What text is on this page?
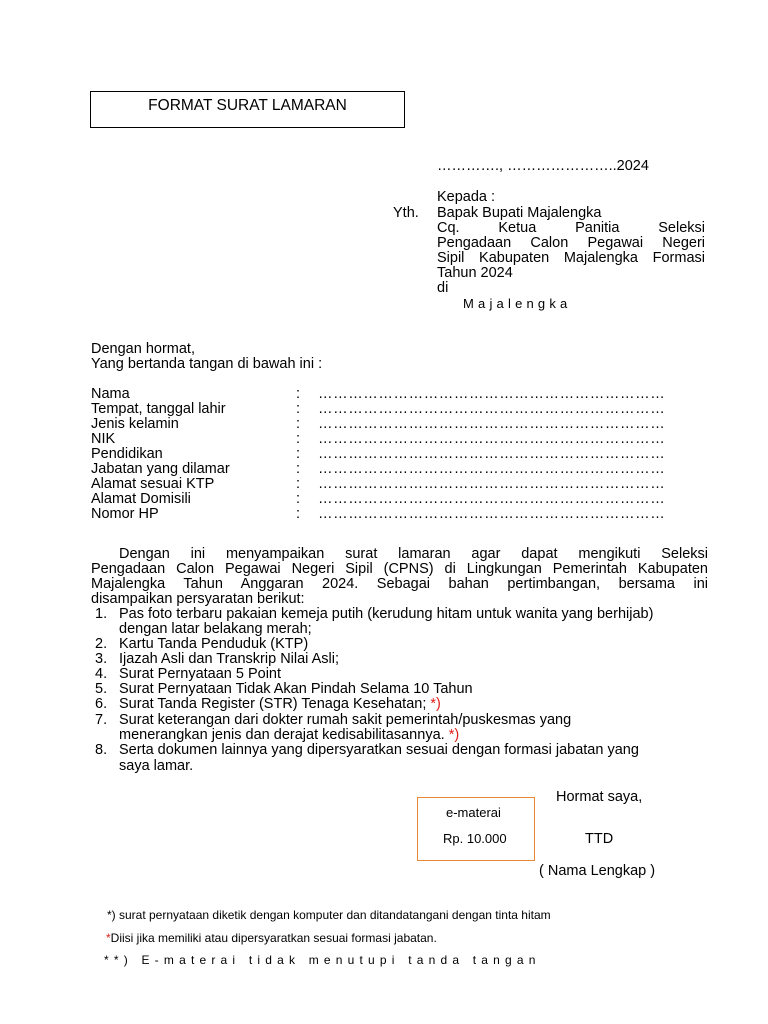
FORMAT SURAT LAMARAN
…………., …………………..2024
Kepada :
Yth. Bapak Bupati Majalengka
Cq. Ketua Panitia Seleksi
Pengadaan Calon Pegawai Negeri
Sipil Kabupaten Majalengka Formasi
Tahun 2024
di
Majalengka
Dengan hormat,
Yang bertanda tangan di bawah ini :
Nama	: ……………………………………………………………
Tempat, tanggal lahir	: ……………………………………………………………
Jenis kelamin	: ……………………………………………………………
NIK	: ……………………………………………………………
Pendidikan	: ……………………………………………………………
Jabatan yang dilamar	: ……………………………………………………………
Alamat sesuai KTP	: ……………………………………………………………
Alamat Domisili	: ……………………………………………………………
Nomor HP	: ……………………………………………………………
Dengan ini menyampaikan surat lamaran agar dapat mengikuti Seleksi
Pengadaan Calon Pegawai Negeri Sipil (CPNS) di Lingkungan Pemerintah Kabupaten
Majalengka Tahun Anggaran 2024. Sebagai bahan pertimbangan, bersama ini
disampaikan persyaratan berikut:
1. Pas foto terbaru pakaian kemeja putih (kerudung hitam untuk wanita yang berhijab)
dengan latar belakang merah;
2. Kartu Tanda Penduduk (KTP)
3. Ijazah Asli dan Transkrip Nilai Asli;
4. Surat Pernyataan 5 Point
5. Surat Pernyataan Tidak Akan Pindah Selama 10 Tahun
6. Surat Tanda Register (STR) Tenaga Kesehatan; *)
7. Surat keterangan dari dokter rumah sakit pemerintah/puskesmas yang
menerangkan jenis dan derajat kedisabilitasannya. *)
8. Serta dokumen lainnya yang dipersyaratkan sesuai dengan formasi jabatan yang
saya lamar.
Hormat saya,
e-materai
Rp. 10.000	TTD
( Nama Lengkap )
*) surat pernyataan diketik dengan komputer dan ditandatangani dengan tinta hitam
*Diisi jika memiliki atau dipersyaratkan sesuai formasi jabatan.
**) E-materai tidak menutupi tanda tangan
